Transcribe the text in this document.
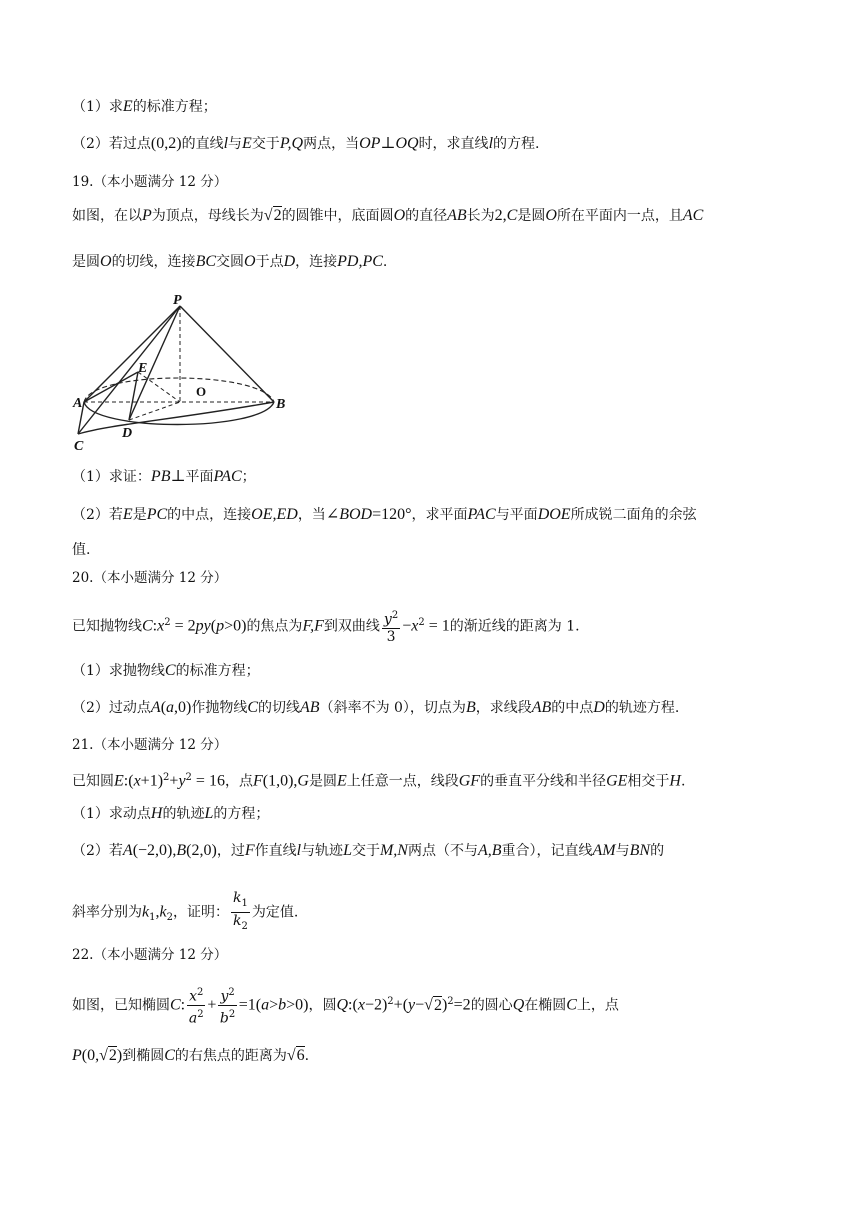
（1）求E的标准方程；
（2）若过点(0,2)的直线l与E交于P,Q两点，当OP⊥OQ时，求直线l的方程.
19.（本小题满分 12 分）
如图，在以P为顶点，母线长为√2的圆锥中，底面圆O的直径AB长为2,C是圆O所在平面内一点，且AC
是圆O的切线，连接BC交圆O于点D，连接PD,PC.
P
E
O
A	B
C
D
（1）求证：PB⊥平面PAC；
（2）若E是PC的中点，连接OE,ED，当∠BOD=120°，求平面PAC与平面DOE所成锐二面角的余弦
值.
20.（本小题满分 12 分）
已知抛物线$C:x^2 = 2py(p>0)$的焦点为F,F到双曲线 $\frac{y^2}{3} -x^2 = 1$的渐近线的距离为 1.
（1）求抛物线C的标准方程；
（2）过动点A(a,0)作抛物线C的切线AB（斜率不为 0），切点为B，求线段AB的中点D的轨迹方程.
21.（本小题满分 12 分）
已知圆$E:(x+1)^2+y^2 = 16$，点F(1,0),G是圆E上任意一点，线段GF的垂直平分线和半径GE相交于H.
（1）求动点H的轨迹L的方程；
（2）若A(−2,0),B(2,0)，过F作直线l与轨迹L交于M,N两点（不与A,B重合），记直线AM与BN的
斜率分别为$k_1,k_2$，证明： $\frac{k_1}{k_2}$ 为定值.
22.（本小题满分 12 分）
如图，已知椭圆C: $\frac{x^2}{a^2} + \frac{y^2}{b^2} =1(a>b>0)$，圆$Q:(x-2)^2+(y-√2)^2=2$的圆心Q在椭圆C上，点
P(0,√2)到椭圆C的右焦点的距离为√6.
